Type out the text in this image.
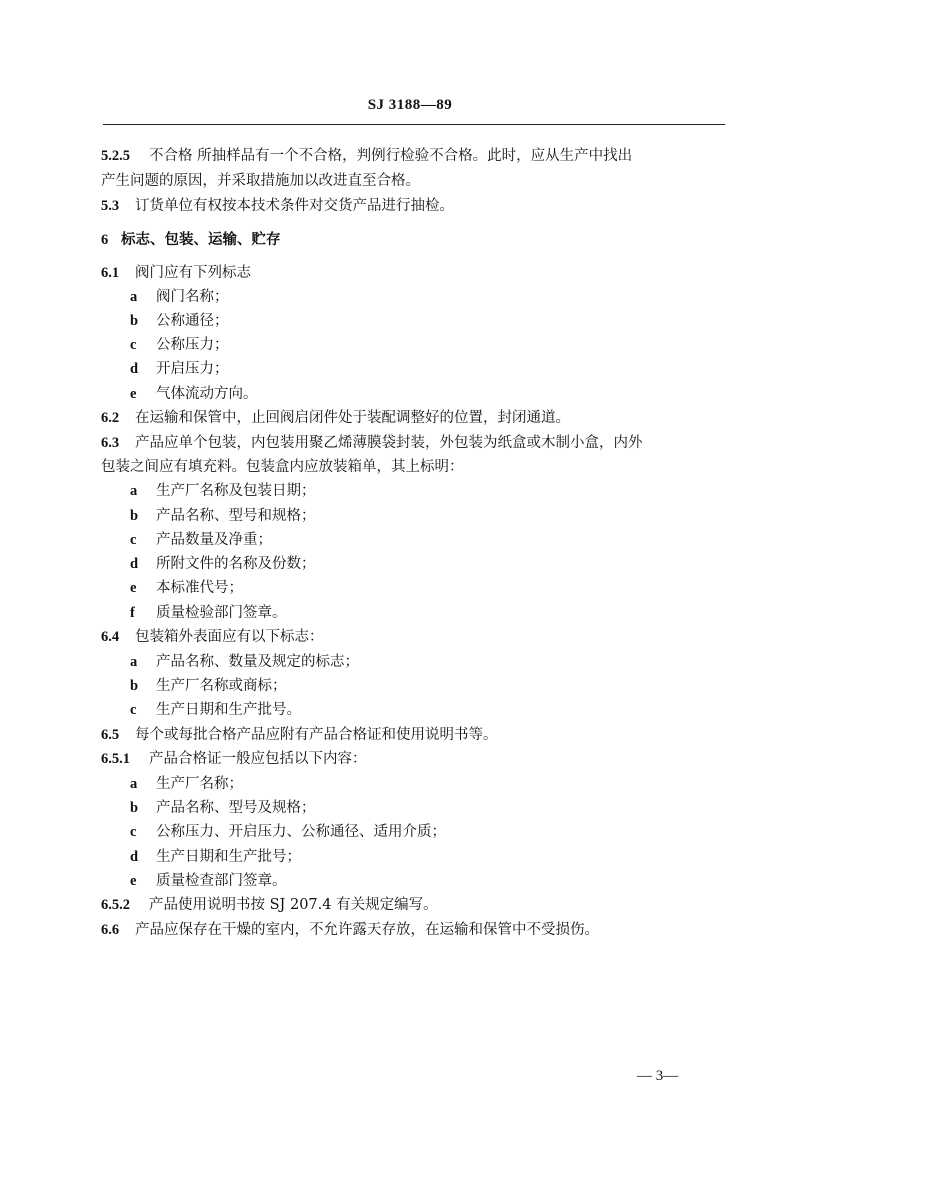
SJ 3188—89
5.2.5 不合格 所抽样品有一个不合格，判例行检验不合格。此时，应从生产中找出
产生问题的原因，并采取措施加以改进直至合格。
5.3 订货单位有权按本技术条件对交货产品进行抽检。
6 标志、包装、运输、贮存
6.1 阀门应有下列标志
a 阀门名称；
b 公称通径；
c 公称压力；
d 开启压力；
e 气体流动方向。
6.2 在运输和保管中，止回阀启闭件处于装配调整好的位置，封闭通道。
6.3 产品应单个包装，内包装用聚乙烯薄膜袋封装，外包装为纸盒或木制小盒，内外
包装之间应有填充料。包装盒内应放装箱单，其上标明：
a 生产厂名称及包装日期；
b 产品名称、型号和规格；
c 产品数量及净重；
d 所附文件的名称及份数；
e 本标准代号；
f 质量检验部门签章。
6.4 包装箱外表面应有以下标志：
a 产品名称、数量及规定的标志；
b 生产厂名称或商标；
c 生产日期和生产批号。
6.5 每个或每批合格产品应附有产品合格证和使用说明书等。
6.5.1 产品合格证一般应包括以下内容：
a 生产厂名称；
b 产品名称、型号及规格；
c 公称压力、开启压力、公称通径、适用介质；
d 生产日期和生产批号；
e 质量检查部门签章。
6.5.2 产品使用说明书按 SJ 207.4 有关规定编写。
6.6 产品应保存在干燥的室内，不允许露天存放，在运输和保管中不受损伤。
— 3—
